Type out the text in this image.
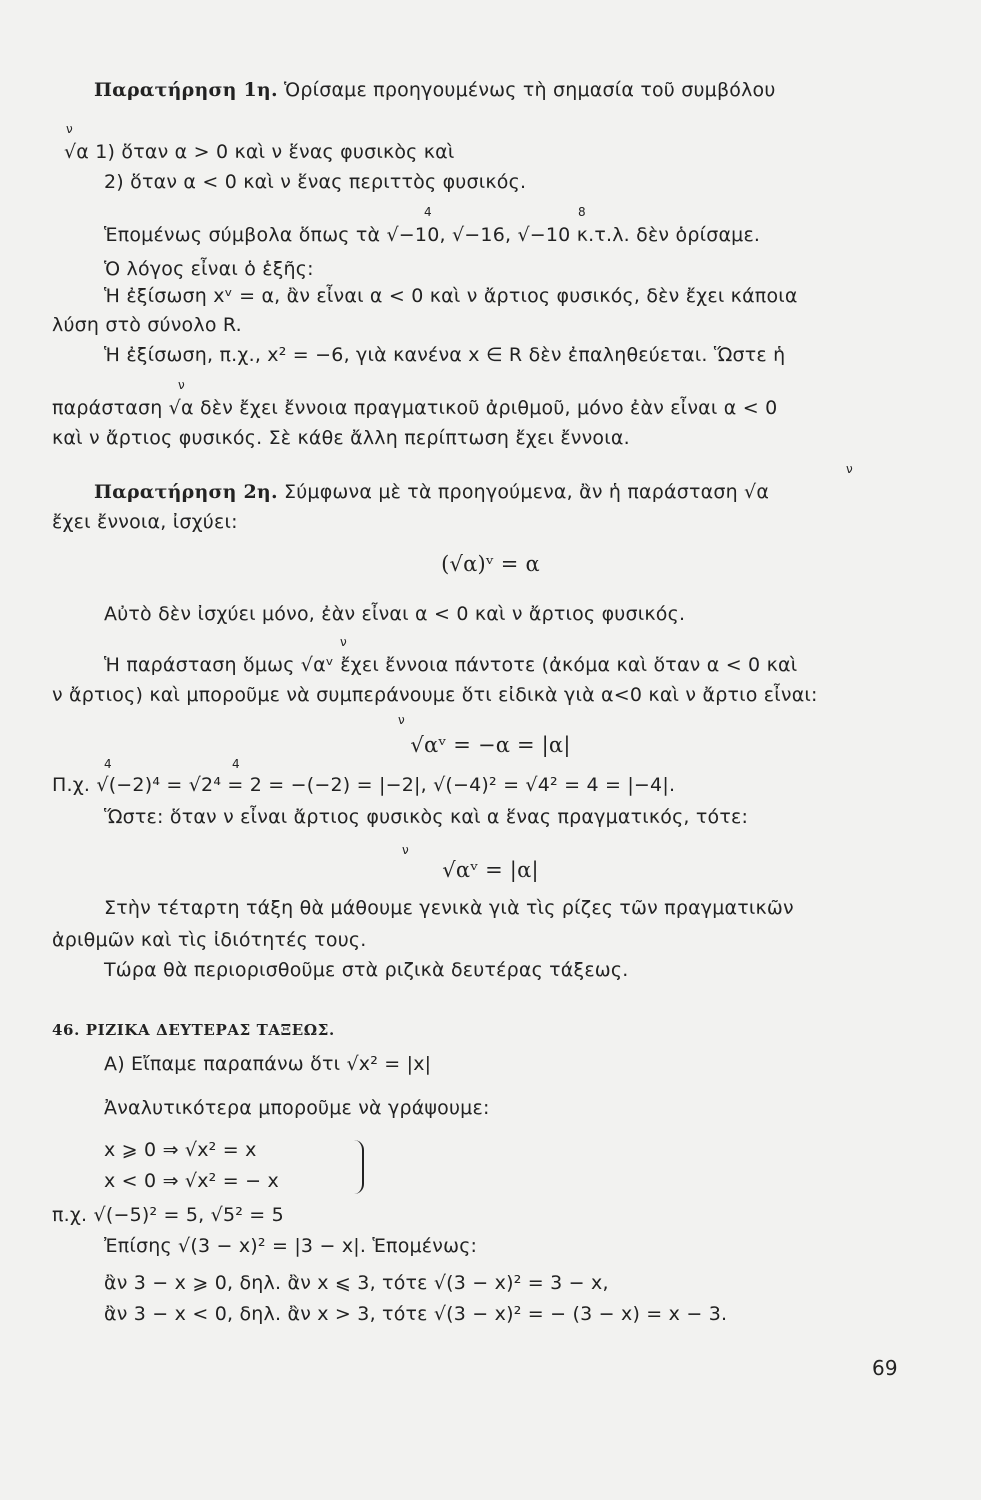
Παρατήρηση 1η. Ὁρίσαμε προηγουμένως τὴ σημασία τοῦ συμβόλου
√α 1) ὅταν α > 0 καὶ ν ἕνας φυσικὸς καὶ
2) ὅταν α < 0 καὶ ν ἕνας περιττὸς φυσικός.
Ἑπομένως σύμβολα ὅπως τὰ √−10, √−16, √−10 κ.τ.λ. δὲν ὁρίσαμε.
Ὁ λόγος εἶναι ὁ ἑξῆς:
Ἡ ἐξίσωση xᵛ = α, ἂν εἶναι α < 0 καὶ ν ἄρτιος φυσικός, δὲν ἔχει κάποια
λύση στὸ σύνολο R.
Ἡ ἐξίσωση, π.χ., x² = −6, γιὰ κανένα x ∈ R δὲν ἐπαληθεύεται. Ὥστε ἡ
παράσταση √α δὲν ἔχει ἔννοια πραγματικοῦ ἀριθμοῦ, μόνο ἐὰν εἶναι α < 0
καὶ ν ἄρτιος φυσικός. Σὲ κάθε ἄλλη περίπτωση ἔχει ἔννοια.
Παρατήρηση 2η. Σύμφωνα μὲ τὰ προηγούμενα, ἂν ἡ παράσταση √α
ἔχει ἔννοια, ἰσχύει:
Αὐτὸ δὲν ἰσχύει μόνο, ἐὰν εἶναι α < 0 καὶ ν ἄρτιος φυσικός.
Ἡ παράσταση ὅμως √αᵛ ἔχει ἔννοια πάντοτε (ἀκόμα καὶ ὅταν α < 0 καὶ
ν ἄρτιος) καὶ μποροῦμε νὰ συμπεράνουμε ὅτι εἰδικὰ γιὰ α<0 καὶ ν ἄρτιο εἶναι:
Π.χ. √(−2)⁴ = √2⁴ = 2 = −(−2) = |−2|, √(−4)² = √4² = 4 = |−4|.
Ὥστε: ὅταν ν εἶναι ἄρτιος φυσικὸς καὶ α ἕνας πραγματικός, τότε:
Στὴν τέταρτη τάξη θὰ μάθουμε γενικὰ γιὰ τὶς ρίζες τῶν πραγματικῶν
ἀριθμῶν καὶ τὶς ἰδιότητές τους.
Τώρα θὰ περιορισθοῦμε στὰ ριζικὰ δευτέρας τάξεως.
Α) Εἴπαμε παραπάνω ὅτι √x² = |x|
Ἀναλυτικότερα μποροῦμε νὰ γράψουμε:
x ⩾ 0 ⇒ √x² = x
x < 0 ⇒ √x² = − x
π.χ. √(−5)² = 5, √5² = 5
Ἐπίσης √(3 − x)² = |3 − x|. Ἑπομένως:
ἂν 3 − x ⩾ 0, δηλ. ἂν x ⩽ 3, τότε √(3 − x)² = 3 − x,
ἂν 3 − x < 0, δηλ. ἂν x > 3, τότε √(3 − x)² = − (3 − x) = x − 3.
ν
4	8
ν
ν
ν
ν
4	4
ν
(√α)ᵛ = α
√αᵛ = −α = |α|
√αᵛ = |α|
46. ΡΙΖΙΚΑ ΔΕΥΤΕΡΑΣ ΤΑΞΕΩΣ.
69
